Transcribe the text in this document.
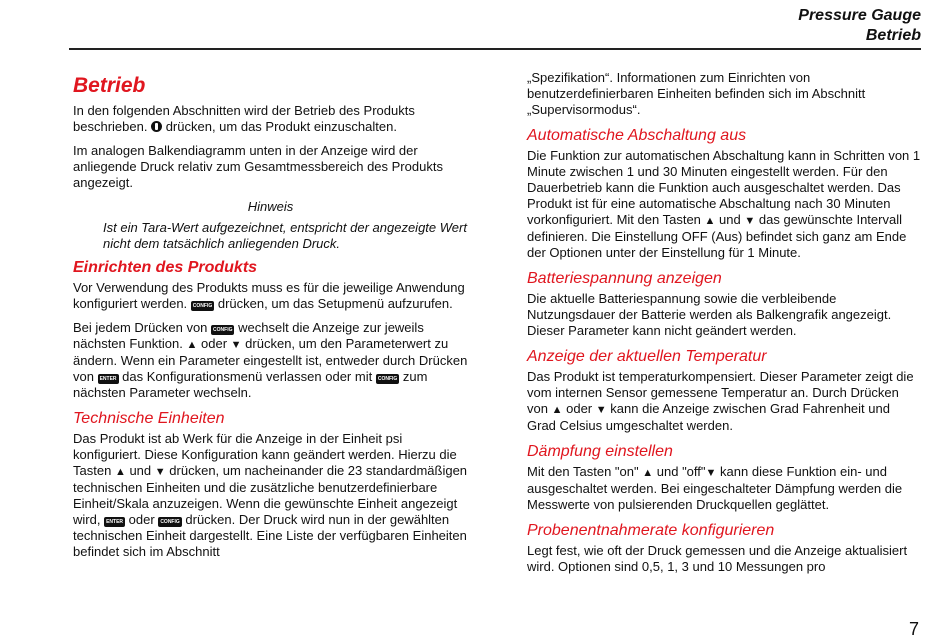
Pressure Gauge
Betrieb
Betrieb

In den folgenden Abschnitten wird der Betrieb des Produkts beschrieben. drücken, um das Produkt einzuschalten.

Im analogen Balkendiagramm unten in der Anzeige wird der anliegende Druck relativ zum Gesamtmessbereich des Produkts angezeigt.

Hinweis
Ist ein Tara-Wert aufgezeichnet, entspricht der angezeigte Wert nicht dem tatsächlich anliegenden Druck.
Einrichten des Produkts

Vor Verwendung des Produkts muss es für die jeweilige Anwendung konfiguriert werden. CONFIG drücken, um das Setupmenü aufzurufen.

Bei jedem Drücken von CONFIG wechselt die Anzeige zur jeweils nächsten Funktion. ▲ oder ▼ drücken, um den Parameterwert zu ändern. Wenn ein Parameter eingestellt ist, entweder durch Drücken von ENTER das Konfigurationsmenü verlassen oder mit CONFIG zum nächsten Parameter wechseln.

Technische Einheiten

Das Produkt ist ab Werk für die Anzeige in der Einheit psi konfiguriert. Diese Konfiguration kann geändert werden. Hierzu die Tasten ▲ und ▼ drücken, um nacheinander die 23 standardmäßigen technischen Einheiten und die zusätzliche benutzerdefinierbare Einheit/Skala anzuzeigen. Wenn die gewünschte Einheit angezeigt wird, ENTER oder CONFIG drücken. Der Druck wird nun in der gewählten technischen Einheit dargestellt. Eine Liste der verfügbaren Einheiten befindet sich im Abschnitt

„Spezifikation“. Informationen zum Einrichten von benutzerdefinierbaren Einheiten befinden sich im Abschnitt „Supervisormodus“.

Automatische Abschaltung aus

Die Funktion zur automatischen Abschaltung kann in Schritten von 1 Minute zwischen 1 und 30 Minuten eingestellt werden. Für den Dauerbetrieb kann die Funktion auch ausgeschaltet werden. Das Produkt ist für eine automatische Abschaltung nach 30 Minuten vorkonfiguriert. Mit den Tasten ▲ und ▼ das gewünschte Intervall definieren. Die Einstellung OFF (Aus) befindet sich ganz am Ende der Optionen unter der Einstellung für 1 Minute.

Batteriespannung anzeigen

Die aktuelle Batteriespannung sowie die verbleibende Nutzungsdauer der Batterie werden als Balkengrafik angezeigt. Dieser Parameter kann nicht geändert werden.

Anzeige der aktuellen Temperatur

Das Produkt ist temperaturkompensiert. Dieser Parameter zeigt die vom internen Sensor gemessene Temperatur an. Durch Drücken von ▲ oder ▼ kann die Anzeige zwischen Grad Fahrenheit und Grad Celsius umgeschaltet werden.

Dämpfung einstellen

Mit den Tasten "on" ▲ und "off"▼ kann diese Funktion ein- und ausgeschaltet werden. Bei eingeschalteter Dämpfung werden die Messwerte von pulsierenden Druckquellen geglättet.

Probenentnahmerate konfigurieren

Legt fest, wie oft der Druck gemessen und die Anzeige aktualisiert wird. Optionen sind 0,5, 1, 3 und 10 Messungen pro

7
